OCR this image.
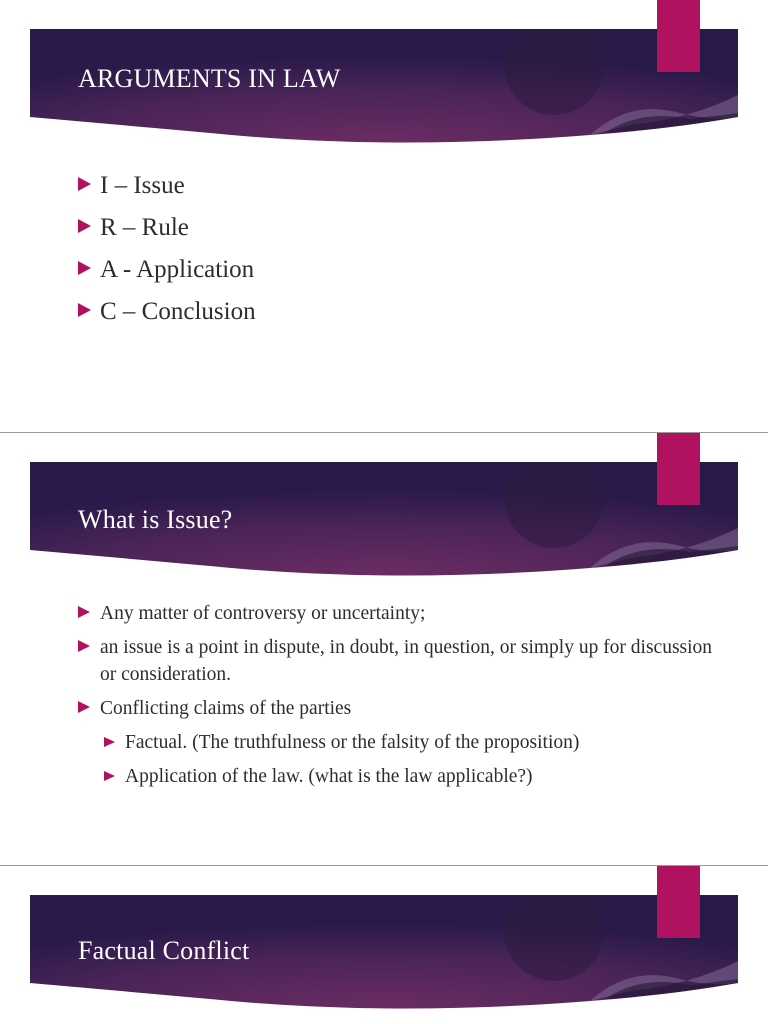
ARGUMENTS IN LAW
I – Issue
R – Rule
A - Application
C – Conclusion
What is Issue?
Any matter of controversy or uncertainty;
an issue is a point in dispute, in doubt, in question, or simply up for discussion or consideration.
Conflicting claims of the parties
Factual. (The truthfulness or the falsity of the proposition)
Application of the law. (what is the law applicable?)
Factual Conflict
